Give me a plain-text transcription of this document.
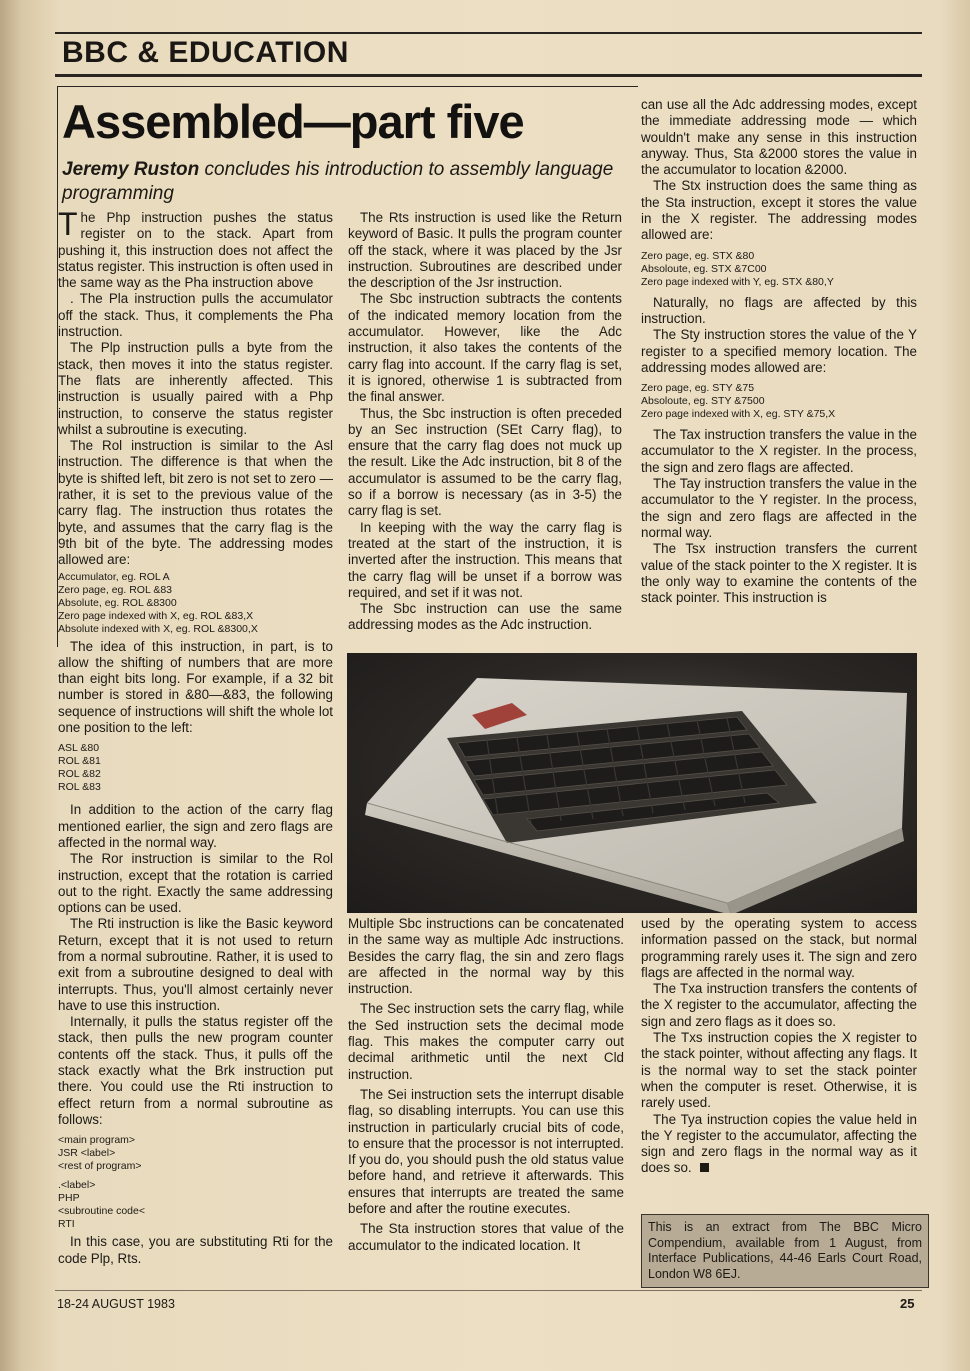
BBC & EDUCATION
Assembled—part five
Jeremy Ruston concludes his introduction to assembly language programming

The Php instruction pushes the status register on to the stack. Apart from pushing it, this instruction does not affect the status register. This instruction is often used in the same way as the Pha instruction above

. The Pla instruction pulls the accumulator off the stack. Thus, it complements the Pha instruction.

The Plp instruction pulls a byte from the stack, then moves it into the status register. The flats are inherently affected. This instruction is usually paired with a Php instruction, to conserve the status register whilst a subroutine is executing.

The Rol instruction is similar to the Asl instruction. The difference is that when the byte is shifted left, bit zero is not set to zero — rather, it is set to the previous value of the carry flag. The instruction thus rotates the byte, and assumes that the carry flag is the 9th bit of the byte. The addressing modes allowed are:

Accumulator, eg. ROL A
Zero page, eg. ROL &83
Absolute, eg. ROL &8300
Zero page indexed with X, eg. ROL &83,X
Absolute indexed with X, eg. ROL &8300,X

The idea of this instruction, in part, is to allow the shifting of numbers that are more than eight bits long. For example, if a 32 bit number is stored in &80—&83, the following sequence of instructions will shift the whole lot one position to the left:

ASL &80
ROL &81
ROL &82
ROL &83

In addition to the action of the carry flag mentioned earlier, the sign and zero flags are affected in the normal way.

The Ror instruction is similar to the Rol instruction, except that the rotation is carried out to the right. Exactly the same addressing options can be used.

The Rti instruction is like the Basic keyword Return, except that it is not used to return from a normal subroutine. Rather, it is used to exit from a subroutine designed to deal with interrupts. Thus, you'll almost certainly never have to use this instruction.

Internally, it pulls the status register off the stack, then pulls the new program counter contents off the stack. Thus, it pulls off the stack exactly what the Brk instruction put there. You could use the Rti instruction to effect return from a normal subroutine as follows:

<main program>
JSR <label>
<rest of program>
.<label>
PHP
<subroutine code<
RTI

In this case, you are substituting Rti for the code Plp, Rts.

The Rts instruction is used like the Return keyword of Basic. It pulls the program counter off the stack, where it was placed by the Jsr instruction. Subroutines are described under the description of the Jsr instruction.

The Sbc instruction subtracts the contents of the indicated memory location from the accumulator. However, like the Adc instruction, it also takes the contents of the carry flag into account. If the carry flag is set, it is ignored, otherwise 1 is subtracted from the final answer.

Thus, the Sbc instruction is often preceded by an Sec instruction (SEt Carry flag), to ensure that the carry flag does not muck up the result. Like the Adc instruction, bit 8 of the accumulator is assumed to be the carry flag, so if a borrow is necessary (as in 3-5) the carry flag is set.

In keeping with the way the carry flag is treated at the start of the instruction, it is inverted after the instruction. This means that the carry flag will be unset if a borrow was required, and set if it was not.

The Sbc instruction can use the same addressing modes as the Adc instruction.

can use all the Adc addressing modes, except the immediate addressing mode — which wouldn't make any sense in this instruction anyway. Thus, Sta &2000 stores the value in the accumulator to location &2000.

The Stx instruction does the same thing as the Sta instruction, except it stores the value in the X register. The addressing modes allowed are:

Zero page, eg. STX &80
Absoloute, eg. STX &7C00
Zero page indexed with Y, eg. STX &80,Y

Naturally, no flags are affected by this instruction.

The Sty instruction stores the value of the Y register to a specified memory location. The addressing modes allowed are:

Zero page, eg. STY &75
Absoloute, eg. STY &7500
Zero page indexed with X, eg. STY &75,X

The Tax instruction transfers the value in the accumulator to the X register. In the process, the sign and zero flags are affected.

The Tay instruction transfers the value in the accumulator to the Y register. In the process, the sign and zero flags are affected in the normal way.

The Tsx instruction transfers the current value of the stack pointer to the X register. It is the only way to examine the contents of the stack pointer. This instruction is

Multiple Sbc instructions can be concatenated in the same way as multiple Adc instructions. Besides the carry flag, the sin and zero flags are affected in the normal way by this instruction.

The Sec instruction sets the carry flag, while the Sed instruction sets the decimal mode flag. This makes the computer carry out decimal arithmetic until the next Cld instruction.

The Sei instruction sets the interrupt disable flag, so disabling interrupts. You can use this instruction in particularly crucial bits of code, to ensure that the processor is not interrupted. If you do, you should push the old status value before hand, and retrieve it afterwards. This ensures that interrupts are treated the same before and after the routine executes.

The Sta instruction stores that value of the accumulator to the indicated location. It

used by the operating system to access information passed on the stack, but normal programming rarely uses it. The sign and zero flags are affected in the normal way.

The Txa instruction transfers the contents of the X register to the accumulator, affecting the sign and zero flags as it does so.

The Txs instruction copies the X register to the stack pointer, without affecting any flags. It is the normal way to set the stack pointer when the computer is reset. Otherwise, it is rarely used.

The Tya instruction copies the value held in the Y register to the accumulator, affecting the sign and zero flags in the normal way as it does so.

This is an extract from The BBC Micro Compendium, available from 1 August, from Interface Publications, 44-46 Earls Court Road, London W8 6EJ.
18-24 AUGUST 1983	25
